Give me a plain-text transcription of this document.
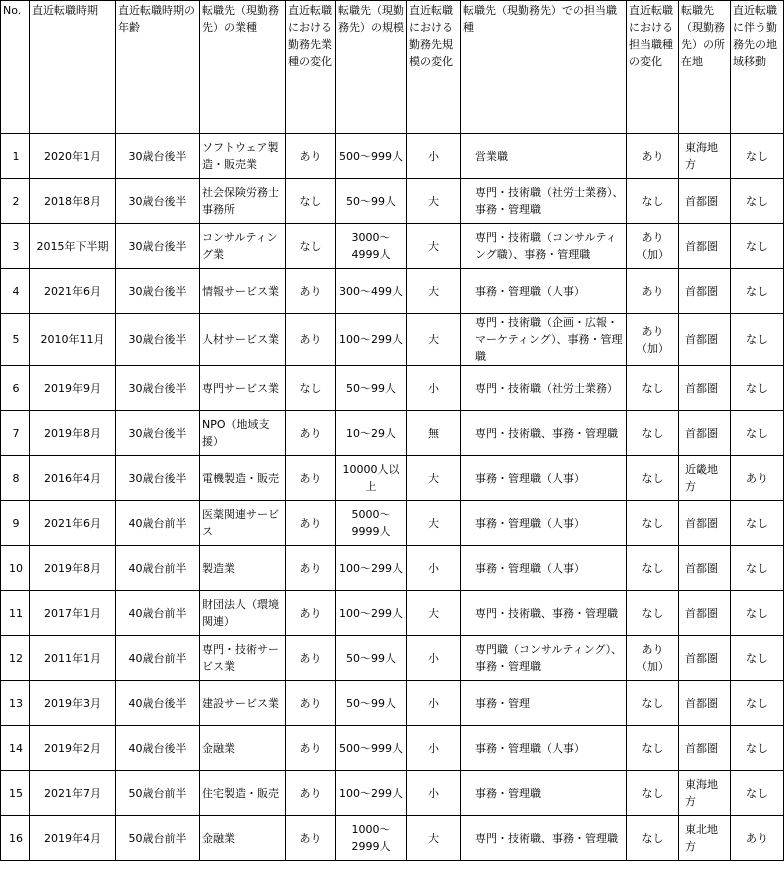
No.	直近転職時期	直近転職時期の年齢	転職先（現勤務先）の業種	直近転職における勤務先業種の変化	転職先（現勤務先）の規模	直近転職における勤務先規模の変化	転職先（現勤務先）での担当職種	直近転職における担当職種の変化	転職先（現勤務先）の所在地	直近転職に伴う勤務先の地域移動
1	2020年1月	30歳台後半	ソフトウェア製造・販売業	あり	500～999人	小	営業職	あり	東海地方	なし
2	2018年8月	30歳台後半	社会保険労務士事務所	なし	50～99人	大	専門・技術職（社労士業務）、事務・管理職	なし	首都圏	なし
3	2015年下半期	30歳台後半	コンサルティング業	なし	3000～4999人	大	専門・技術職（コンサルティング職）、事務・管理職	あり（加）	首都圏	なし
4	2021年6月	30歳台後半	情報サービス業	あり	300～499人	大	事務・管理職（人事）	あり	首都圏	なし
5	2010年11月	30歳台後半	人材サービス業	あり	100～299人	大	専門・技術職（企画・広報・マーケティング）、事務・管理職	あり（加）	首都圏	なし
6	2019年9月	30歳台後半	専門サービス業	なし	50～99人	小	専門・技術職（社労士業務）	なし	首都圏	なし
7	2019年8月	30歳台後半	NPO（地域支援）	あり	10～29人	無	専門・技術職、事務・管理職	なし	首都圏	なし
8	2016年4月	30歳台後半	電機製造・販売	あり	10000人以上	大	事務・管理職（人事）	なし	近畿地方	あり
9	2021年6月	40歳台前半	医薬関連サービス	あり	5000～9999人	大	事務・管理職（人事）	なし	首都圏	なし
10	2019年8月	40歳台前半	製造業	あり	100～299人	小	事務・管理職（人事）	なし	首都圏	なし
11	2017年1月	40歳台前半	財団法人（環境関連）	あり	100～299人	大	専門・技術職、事務・管理職	なし	首都圏	なし
12	2011年1月	40歳台前半	専門・技術サービス業	あり	50～99人	小	専門職（コンサルティング）、事務・管理職	あり（加）	首都圏	なし
13	2019年3月	40歳台後半	建設サービス業	あり	50～99人	小	事務・管理	なし	首都圏	なし
14	2019年2月	40歳台後半	金融業	あり	500～999人	小	事務・管理職（人事）	なし	首都圏	なし
15	2021年7月	50歳台前半	住宅製造・販売	あり	100～299人	小	事務・管理職	なし	東海地方	なし
16	2019年4月	50歳台前半	金融業	あり	1000～2999人	大	専門・技術職、事務・管理職	なし	東北地方	あり
